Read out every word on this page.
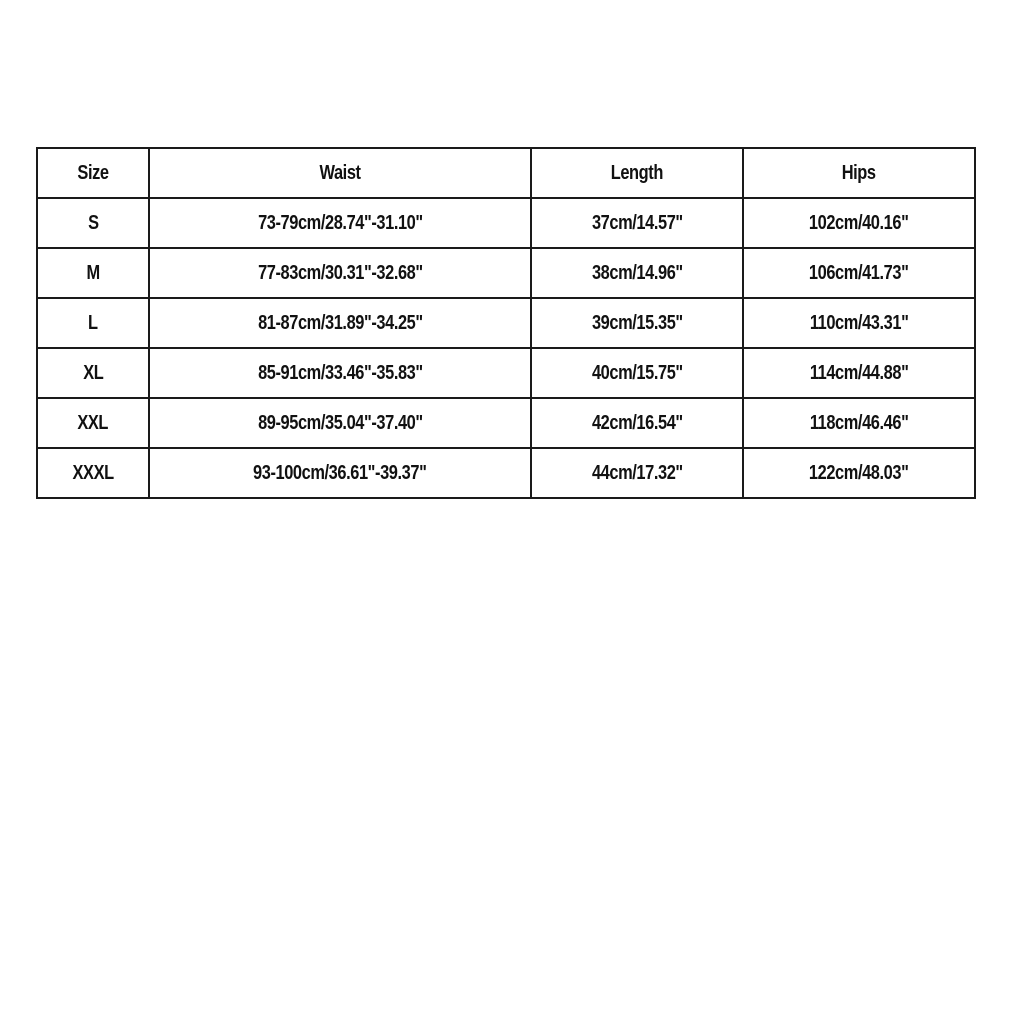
Size	Waist	Length	Hips
S	73-79cm/28.74"-31.10"	37cm/14.57"	102cm/40.16"
M	77-83cm/30.31"-32.68"	38cm/14.96"	106cm/41.73"
L	81-87cm/31.89"-34.25"	39cm/15.35"	110cm/43.31"
XL	85-91cm/33.46"-35.83"	40cm/15.75"	114cm/44.88"
XXL	89-95cm/35.04"-37.40"	42cm/16.54"	118cm/46.46"
XXXL	93-100cm/36.61"-39.37"	44cm/17.32"	122cm/48.03"
